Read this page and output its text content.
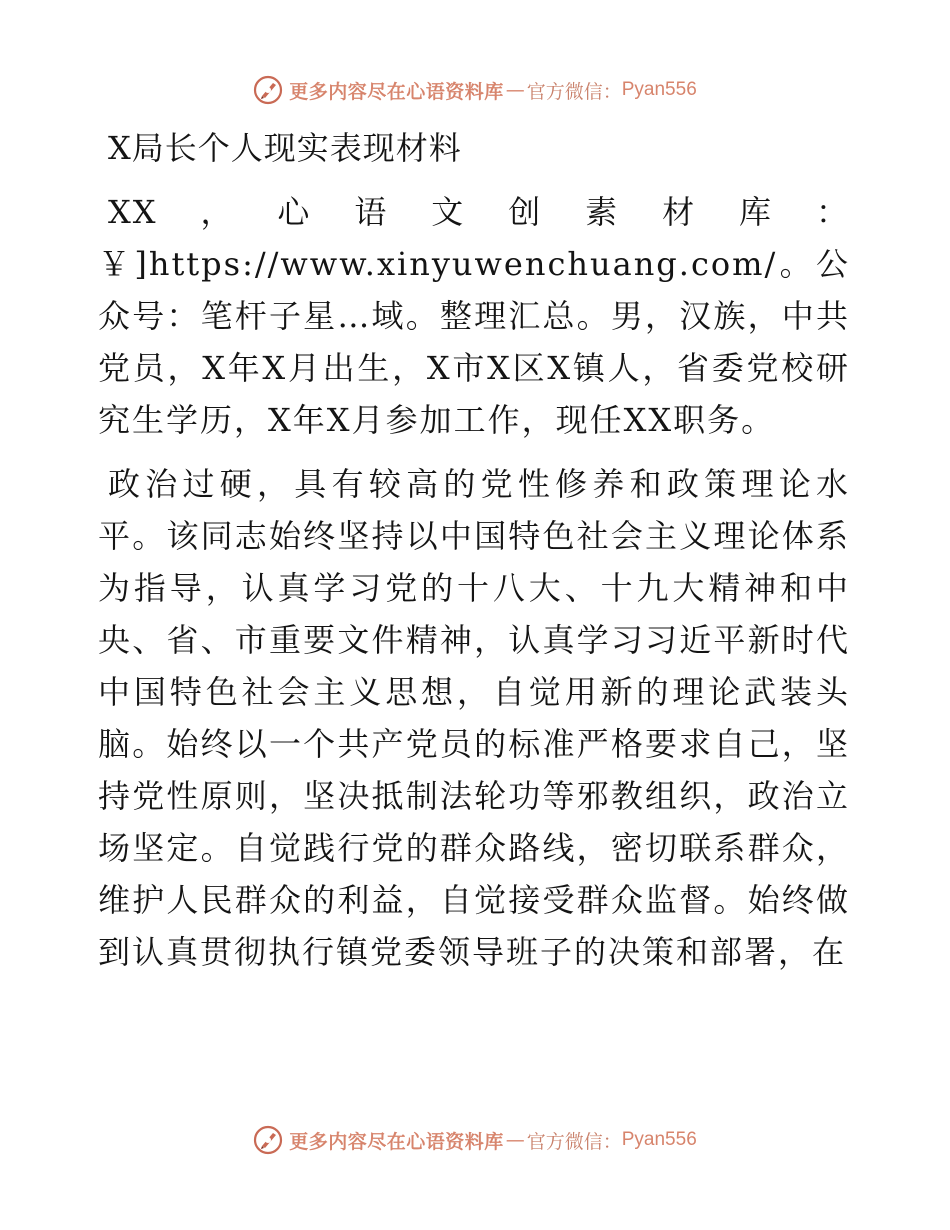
更多内容尽在心语资料库 — 官方微信： Pyan556
X局长个人现实表现材料

XX，心语文创素材库：￥]https://www.xinyuwenchuang.com/。公众号：笔杆子星…域。整理汇总。男，汉族，中共党员，X年X月出生，X市X区X镇人，省委党校研究生学历，X年X月参加工作，现任XX职务。

政治过硬，具有较高的党性修养和政策理论水平。该同志始终坚持以中国特色社会主义理论体系为指导，认真学习党的十八大、十九大精神和中央、省、市重要文件精神，认真学习习近平新时代中国特色社会主义思想，自觉用新的理论武装头脑。始终以一个共产党员的标准严格要求自己，坚持党性原则，坚决抵制法轮功等邪教组织，政治立场坚定。自觉践行党的群众路线，密切联系群众，维护人民群众的利益，自觉接受群众监督。始终做到认真贯彻执行镇党委领导班子的决策和部署，在

更多内容尽在心语资料库 — 官方微信： Pyan556
